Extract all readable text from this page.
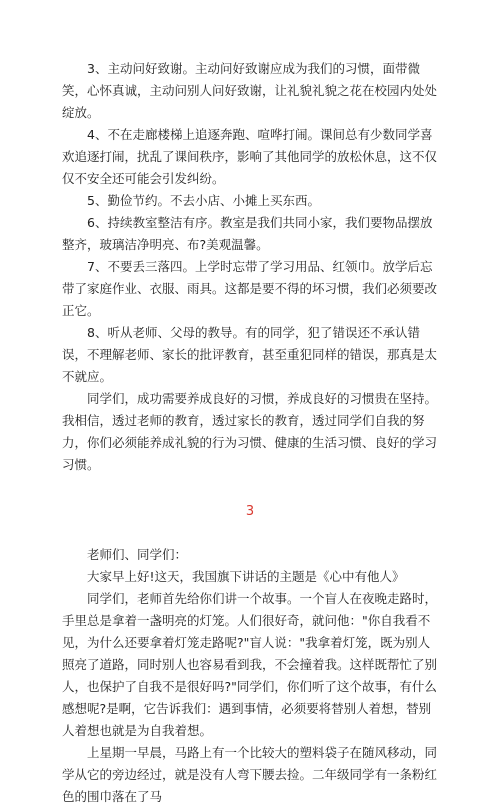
3、主动问好致谢。主动问好致谢应成为我们的习惯，面带微笑，心怀真诚，主动问别人问好致谢，让礼貌礼貌之花在校园内处处绽放。

4、不在走廊楼梯上追逐奔跑、喧哗打闹。课间总有少数同学喜欢追逐打闹，扰乱了课间秩序，影响了其他同学的放松休息，这不仅仅不安全还可能会引发纠纷。

5、勤俭节约。不去小店、小摊上买东西。

6、持续教室整洁有序。教室是我们共同小家，我们要物品摆放整齐，玻璃洁净明亮、布?美观温馨。

7、不要丢三落四。上学时忘带了学习用品、红领巾。放学后忘带了家庭作业、衣服、雨具。这都是要不得的坏习惯，我们必须要改正它。

8、听从老师、父母的教导。有的同学，犯了错误还不承认错误，不理解老师、家长的批评教育，甚至重犯同样的错误，那真是太不就应。

同学们，成功需要养成良好的习惯，养成良好的习惯贵在坚持。我相信，透过老师的教育，透过家长的教育，透过同学们自我的努力，你们必须能养成礼貌的行为习惯、健康的生活习惯、良好的学习习惯。

3

老师们、同学们：

大家早上好!这天，我国旗下讲话的主题是《心中有他人》

同学们，老师首先给你们讲一个故事。一个盲人在夜晚走路时，手里总是拿着一盏明亮的灯笼。人们很好奇，就问他："你自我看不见，为什么还要拿着灯笼走路呢?"盲人说："我拿着灯笼，既为别人照亮了道路，同时别人也容易看到我，不会撞着我。这样既帮忙了别人，也保护了自我不是很好吗?"同学们，你们听了这个故事，有什么感想呢?是啊，它告诉我们：遇到事情，必须要将替别人着想，替别人着想也就是为自我着想。

上星期一早晨，马路上有一个比较大的塑料袋子在随风移动，同学从它的旁边经过，就是没有人弯下腰去捡。二年级同学有一条粉红色的围巾落在了马
